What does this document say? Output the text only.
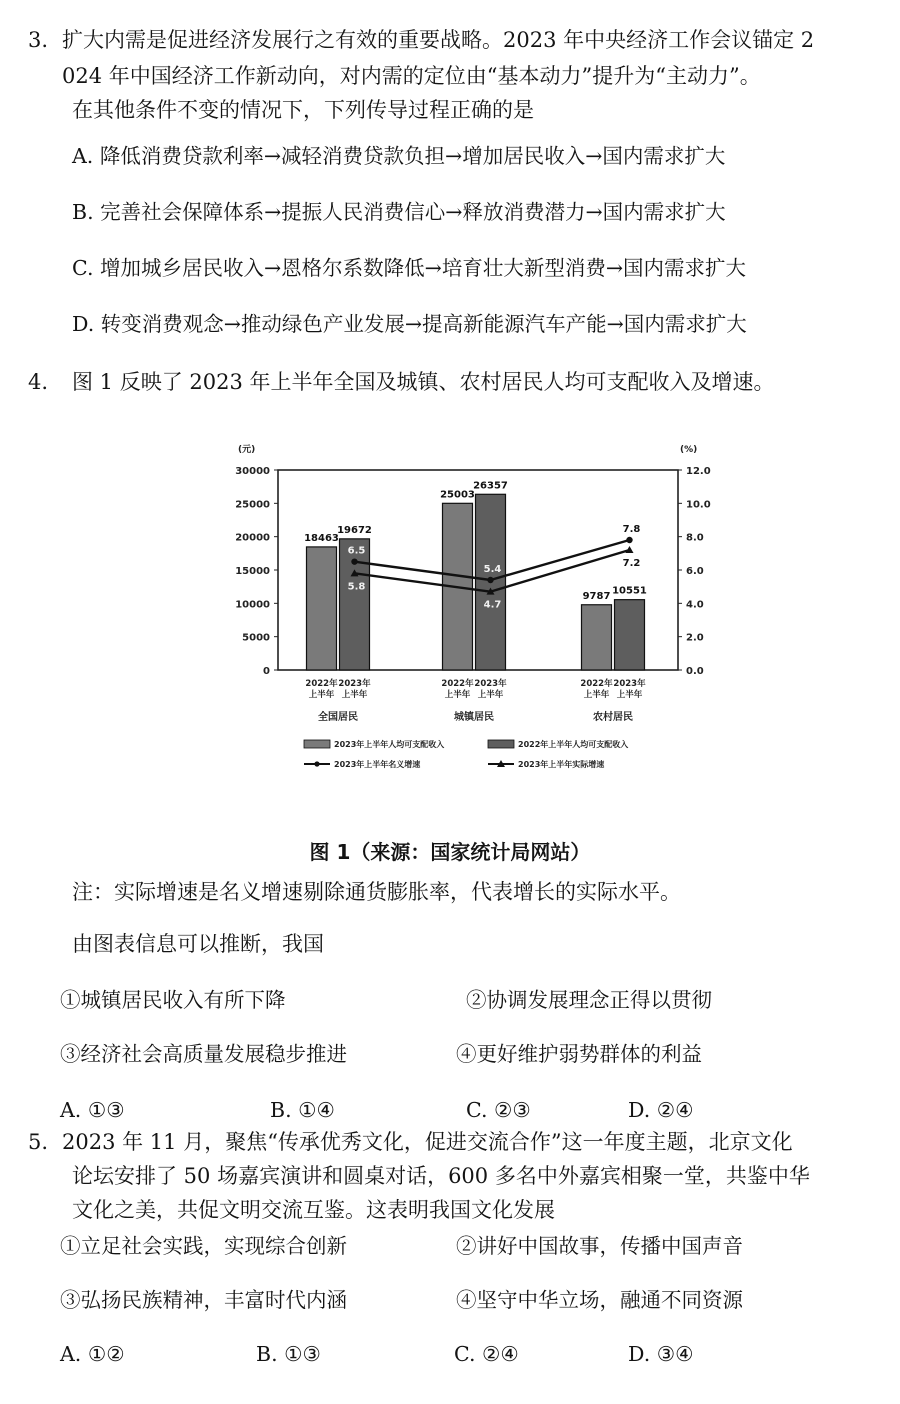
3. 扩大内需是促进经济发展行之有效的重要战略。2023 年中央经济工作会议锚定 2
024 年中国经济工作新动向，对内需的定位由“基本动力”提升为“主动力”。
在其他条件不变的情况下，下列传导过程正确的是
A. 降低消费贷款利率→减轻消费贷款负担→增加居民收入→国内需求扩大
B. 完善社会保障体系→提振人民消费信心→释放消费潜力→国内需求扩大
C. 增加城乡居民收入→恩格尔系数降低→培育壮大新型消费→国内需求扩大
D. 转变消费观念→推动绿色产业发展→提高新能源汽车产能→国内需求扩大
4. 图 1 反映了 2023 年上半年全国及城镇、农村居民人均可支配收入及增速。
(元)	(%)
0
5000
10000
15000
20000
25000
30000
0.0
2.0
4.0
6.0
8.0
10.0
12.0
18463
2022年
上半年
19672
2023年
上半年
全国居民
25003
2022年
上半年
26357
2023年
上半年
城镇居民
9787
2022年
上半年
10551
2023年
上半年
农村居民
6.5
5.4
7.8
5.8
4.7
7.2
2023年上半年人均可支配收入	2022年上半年人均可支配收入
2023年上半年名义增速	2023年上半年实际增速
图 1（来源：国家统计局网站）
注：实际增速是名义增速剔除通货膨胀率，代表增长的实际水平。
由图表信息可以推断，我国
①城镇居民收入有所下降	②协调发展理念正得以贯彻
③经济社会高质量发展稳步推进	④更好维护弱势群体的利益
A. ①③	B. ①④	C. ②③	D. ②④
5. 2023 年 11 月，聚焦“传承优秀文化，促进交流合作”这一年度主题，北京文化
论坛安排了 50 场嘉宾演讲和圆桌对话，600 多名中外嘉宾相聚一堂，共鉴中华
文化之美，共促文明交流互鉴。这表明我国文化发展
①立足社会实践，实现综合创新	②讲好中国故事，传播中国声音
③弘扬民族精神，丰富时代内涵	④坚守中华立场，融通不同资源
A. ①②	B. ①③	C. ②④	D. ③④
